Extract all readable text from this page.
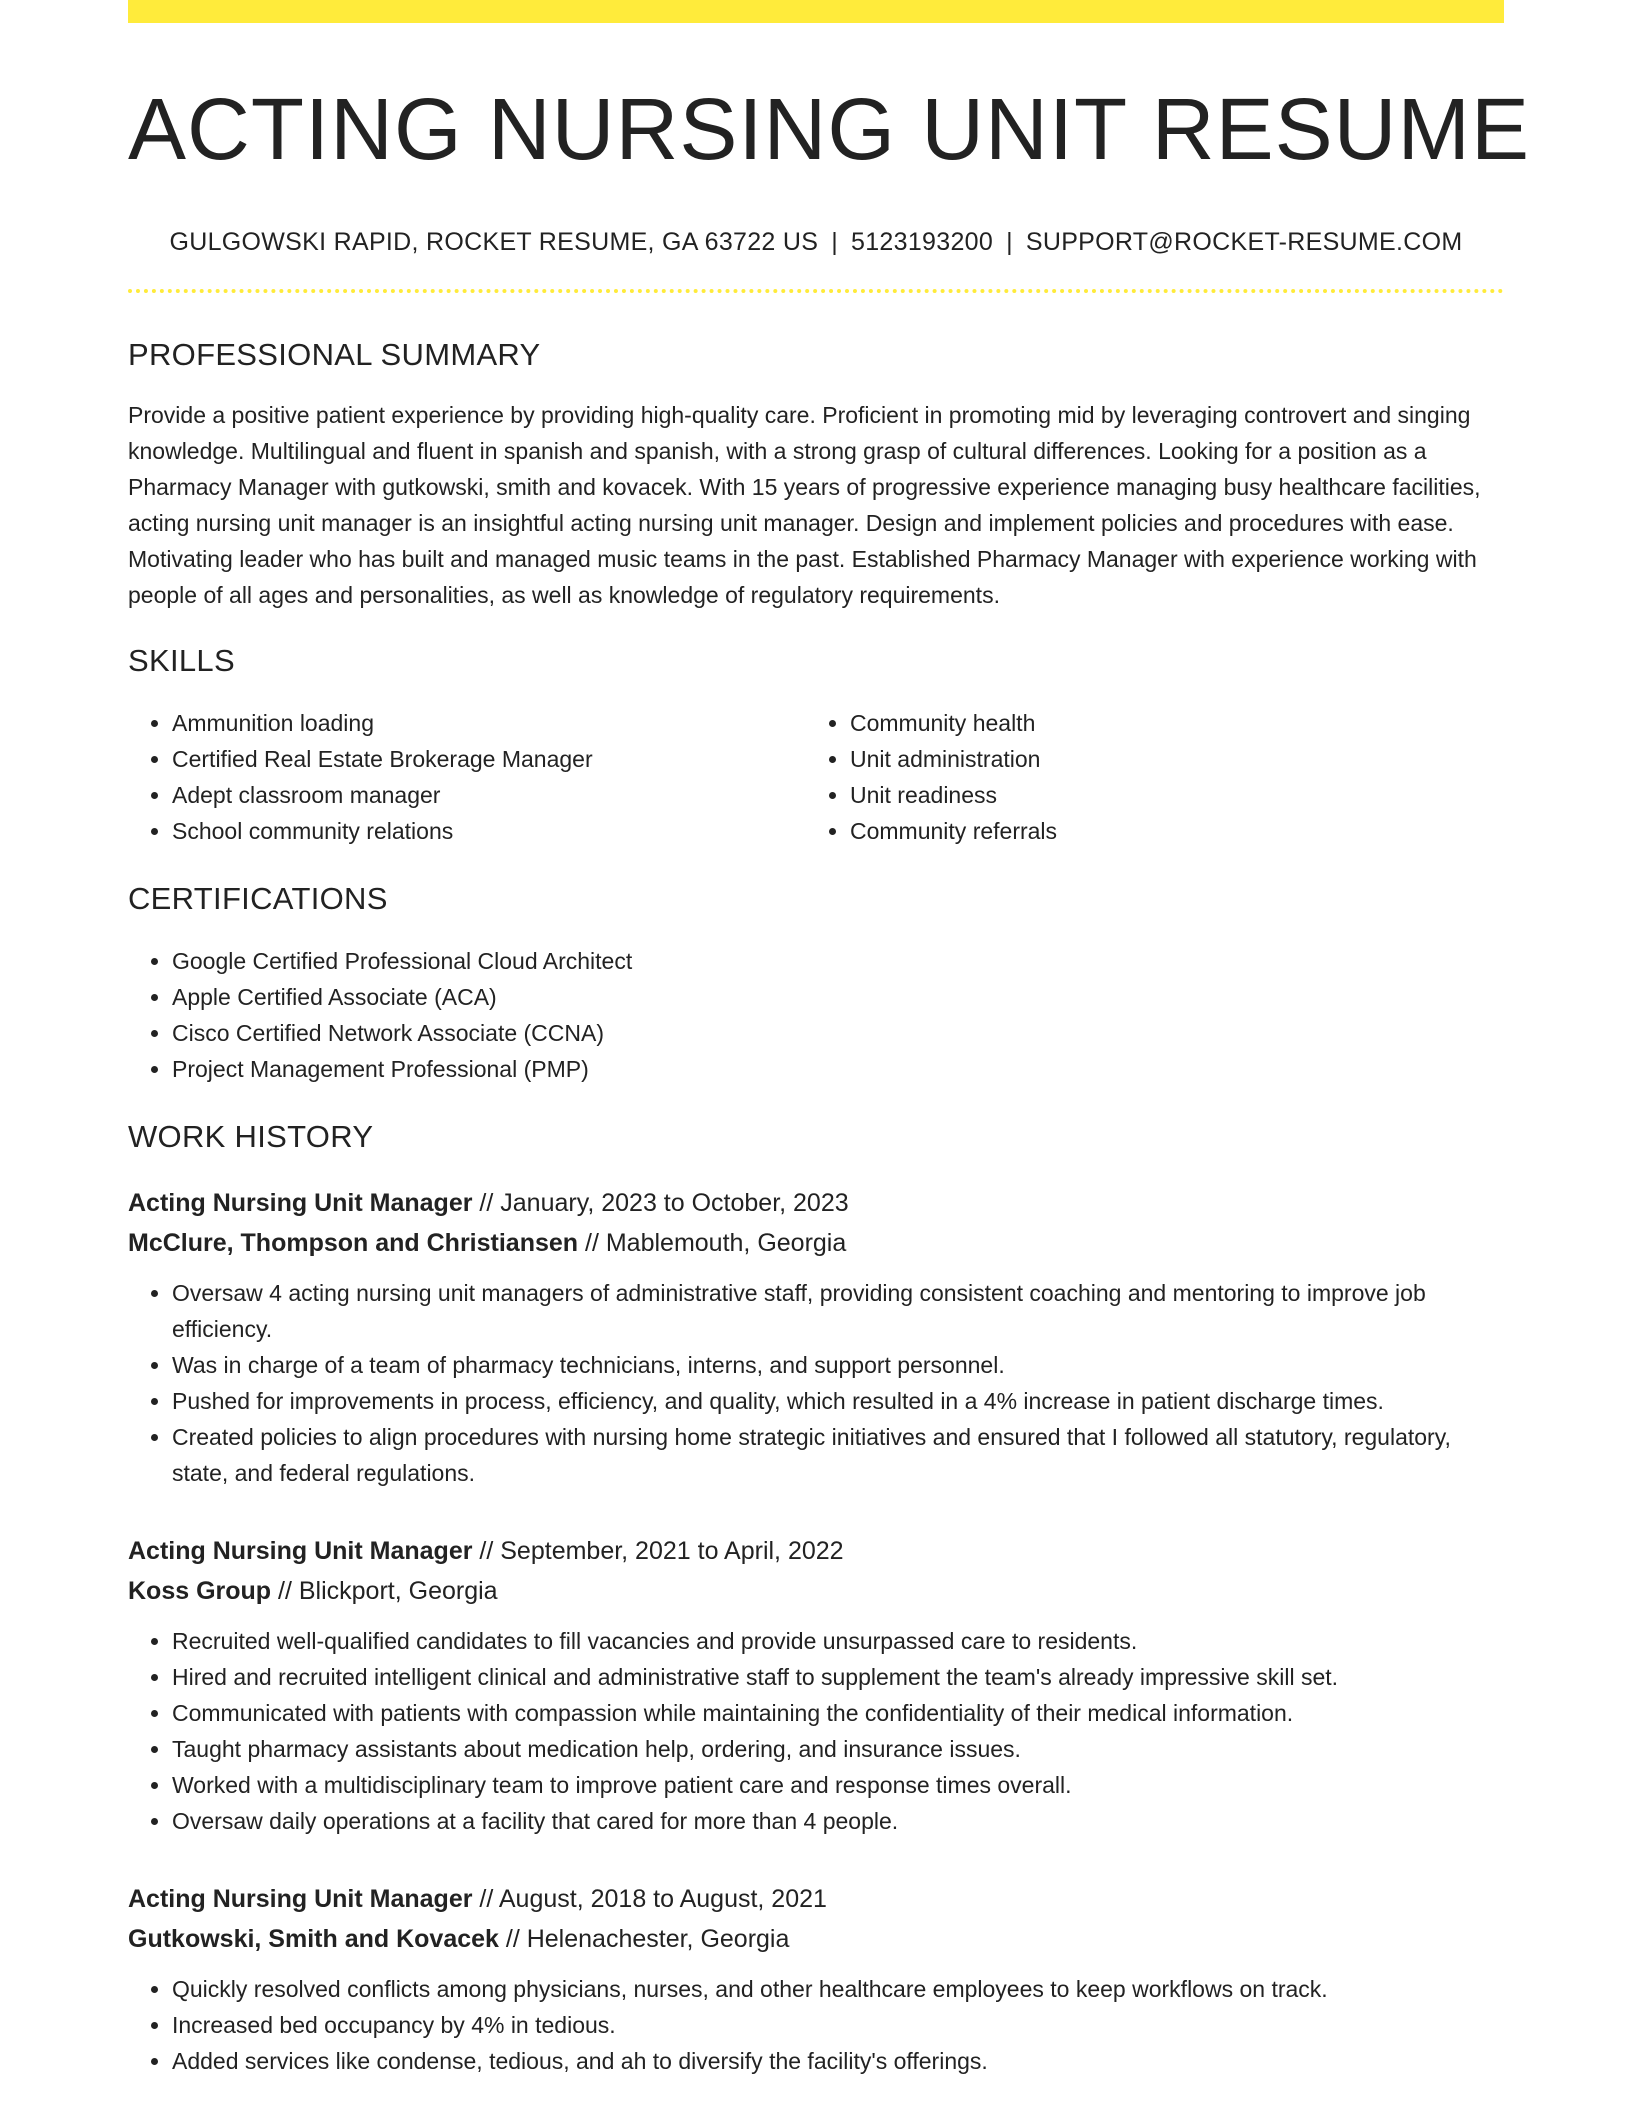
ACTING NURSING UNIT RESUME
GULGOWSKI RAPID, ROCKET RESUME, GA 63722 US | 5123193200 | SUPPORT@ROCKET-RESUME.COM
PROFESSIONAL SUMMARY

Provide a positive patient experience by providing high-quality care. Proficient in promoting mid by leveraging controvert and singing knowledge. Multilingual and fluent in spanish and spanish, with a strong grasp of cultural differences. Looking for a position as a Pharmacy Manager with gutkowski, smith and kovacek. With 15 years of progressive experience managing busy healthcare facilities, acting nursing unit manager is an insightful acting nursing unit manager. Design and implement policies and procedures with ease. Motivating leader who has built and managed music teams in the past. Established Pharmacy Manager with experience working with people of all ages and personalities, as well as knowledge of regulatory requirements.

SKILLS
• Ammunition loading
• Certified Real Estate Brokerage Manager
• Adept classroom manager
• School community relations
• Community health
• Unit administration
• Unit readiness
• Community referrals
CERTIFICATIONS
• Google Certified Professional Cloud Architect
• Apple Certified Associate (ACA)
• Cisco Certified Network Associate (CCNA)
• Project Management Professional (PMP)
WORK HISTORY
Acting Nursing Unit Manager // January, 2023 to October, 2023
McClure, Thompson and Christiansen // Mablemouth, Georgia
• Oversaw 4 acting nursing unit managers of administrative staff, providing consistent coaching and mentoring to improve job efficiency.
• Was in charge of a team of pharmacy technicians, interns, and support personnel.
• Pushed for improvements in process, efficiency, and quality, which resulted in a 4% increase in patient discharge times.
• Created policies to align procedures with nursing home strategic initiatives and ensured that I followed all statutory, regulatory, state, and federal regulations.
Acting Nursing Unit Manager // September, 2021 to April, 2022
Koss Group // Blickport, Georgia
• Recruited well-qualified candidates to fill vacancies and provide unsurpassed care to residents.
• Hired and recruited intelligent clinical and administrative staff to supplement the team's already impressive skill set.
• Communicated with patients with compassion while maintaining the confidentiality of their medical information.
• Taught pharmacy assistants about medication help, ordering, and insurance issues.
• Worked with a multidisciplinary team to improve patient care and response times overall.
• Oversaw daily operations at a facility that cared for more than 4 people.
Acting Nursing Unit Manager // August, 2018 to August, 2021
Gutkowski, Smith and Kovacek // Helenachester, Georgia
• Quickly resolved conflicts among physicians, nurses, and other healthcare employees to keep workflows on track.
• Increased bed occupancy by 4% in tedious.
• Added services like condense, tedious, and ah to diversify the facility's offerings.
